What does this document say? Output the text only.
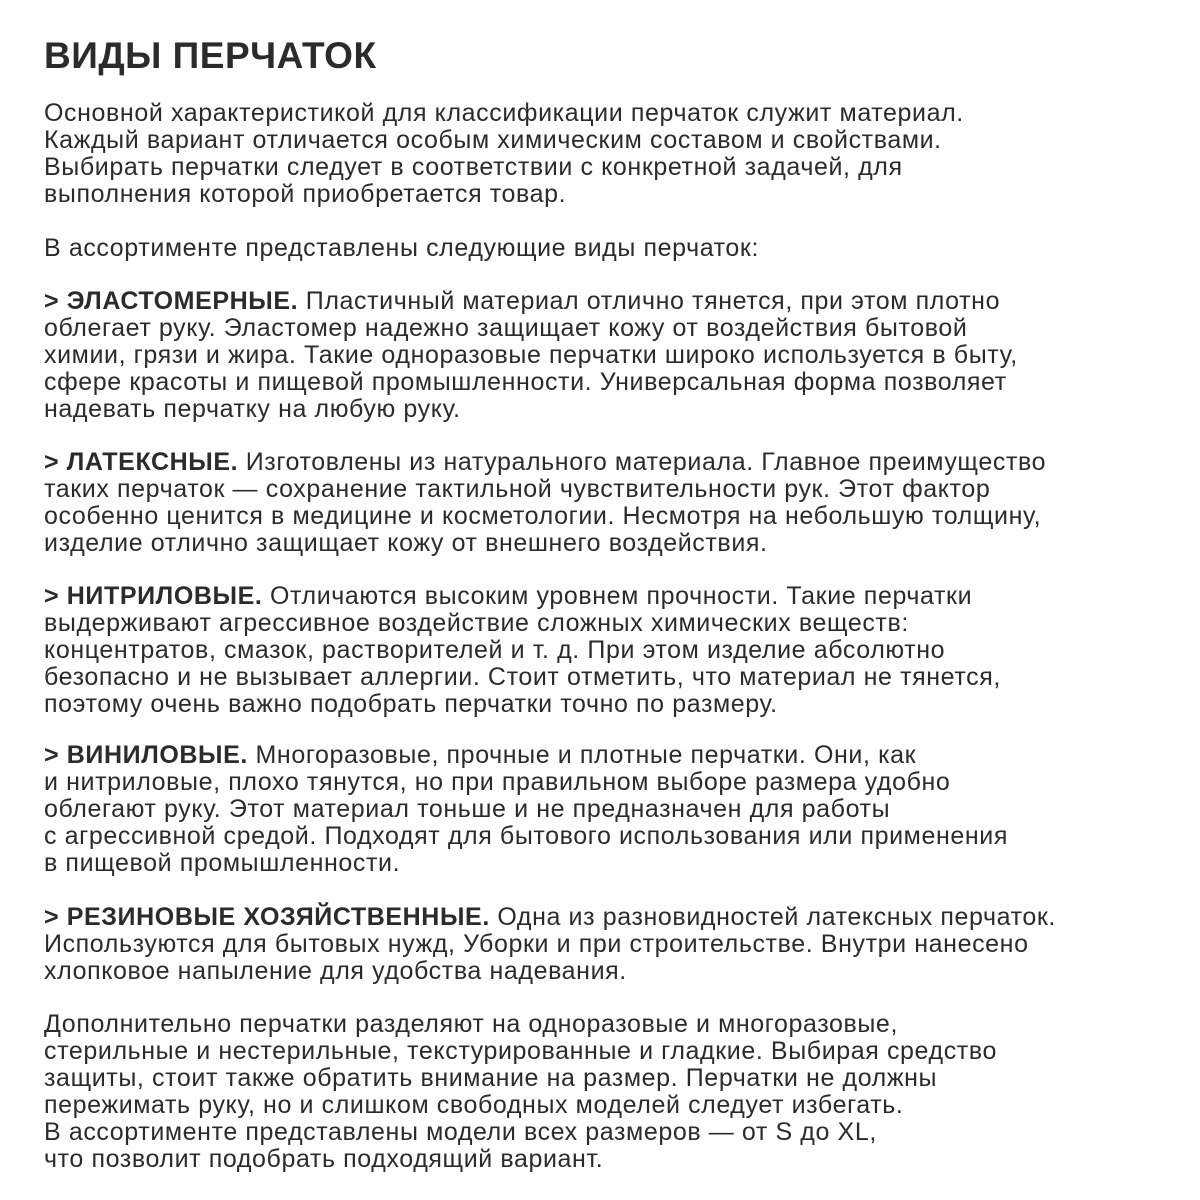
ВИДЫ ПЕРЧАТОК

Основной характеристикой для классификации перчаток служит материал.
Каждый вариант отличается особым химическим составом и свойствами.
Выбирать перчатки следует в соответствии с конкретной задачей, для
выполнения которой приобретается товар.

В ассортименте представлены следующие виды перчаток:

> ЭЛАСТОМЕРНЫЕ. Пластичный материал отлично тянется, при этом плотно
облегает руку. Эластомер надежно защищает кожу от воздействия бытовой
химии, грязи и жира. Такие одноразовые перчатки широко используется в быту,
сфере красоты и пищевой промышленности. Универсальная форма позволяет
надевать перчатку на любую руку.

> ЛАТЕКСНЫЕ. Изготовлены из натурального материала. Главное преимущество
таких перчаток — сохранение тактильной чувствительности рук. Этот фактор
особенно ценится в медицине и косметологии. Несмотря на небольшую толщину,
изделие отлично защищает кожу от внешнего воздействия.

> НИТРИЛОВЫЕ. Отличаются высоким уровнем прочности. Такие перчатки
выдерживают агрессивное воздействие сложных химических веществ:
концентратов, смазок, растворителей и т. д. При этом изделие абсолютно
безопасно и не вызывает аллергии. Стоит отметить, что материал не тянется,
поэтому очень важно подобрать перчатки точно по размеру.

> ВИНИЛОВЫЕ. Многоразовые, прочные и плотные перчатки. Они, как
и нитриловые, плохо тянутся, но при правильном выборе размера удобно
облегают руку. Этот материал тоньше и не предназначен для работы
с агрессивной средой. Подходят для бытового использования или применения
в пищевой промышленности.

> РЕЗИНОВЫЕ ХОЗЯЙСТВЕННЫЕ. Одна из разновидностей латексных перчаток.
Используются для бытовых нужд, Уборки и при строительстве. Внутри нанесено
хлопковое напыление для удобства надевания.

Дополнительно перчатки разделяют на одноразовые и многоразовые,
стерильные и нестерильные, текстурированные и гладкие. Выбирая средство
защиты, стоит также обратить внимание на размер. Перчатки не должны
пережимать руку, но и слишком свободных моделей следует избегать.
В ассортименте представлены модели всех размеров — от S до XL,
что позволит подобрать подходящий вариант.
